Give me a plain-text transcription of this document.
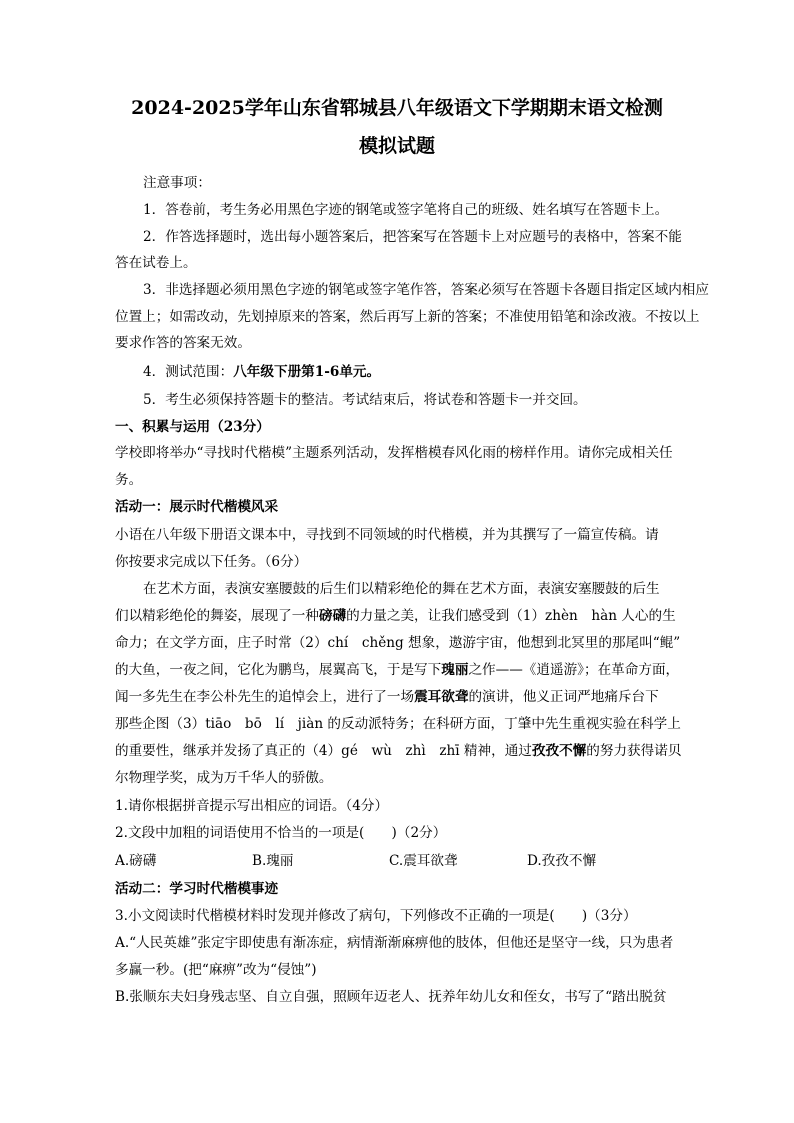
2024-2025学年山东省郓城县八年级语文下学期期末语文检测
模拟试题
注意事项：
1．答卷前，考生务必用黑色字迹的钢笔或签字笔将自己的班级、姓名填写在答题卡上。
2．作答选择题时，选出每小题答案后，把答案写在答题卡上对应题号的表格中，答案不能
答在试卷上。
3．非选择题必须用黑色字迹的钢笔或签字笔作答，答案必须写在答题卡各题目指定区域内相应
位置上；如需改动，先划掉原来的答案，然后再写上新的答案；不准使用铅笔和涂改液。不按以上
要求作答的答案无效。
4．测试范围：八年级下册第1-6单元。
5．考生必须保持答题卡的整洁。考试结束后，将试卷和答题卡一并交回。
一、积累与运用（23分）
学校即将举办“寻找时代楷模”主题系列活动，发挥楷模春风化雨的榜样作用。请你完成相关任
务。
活动一：展示时代楷模风采
小语在八年级下册语文课本中，寻找到不同领域的时代楷模，并为其撰写了一篇宣传稿。请
你按要求完成以下任务。（6分）
在艺术方面，表演安塞腰鼓的后生们以精彩绝伦的舞在艺术方面，表演安塞腰鼓的后生
们以精彩绝伦的舞姿，展现了一种磅礴的力量之美，让我们感受到（1）zhèn　hàn 人心的生
命力；在文学方面，庄子时常（2）chí　chěng 想象，遨游宇宙，他想到北冥里的那尾叫“鲲”
的大鱼，一夜之间，它化为鹏鸟，展翼高飞，于是写下瑰丽之作——《逍遥游》；在革命方面，
闻一多先生在李公朴先生的追悼会上，进行了一场震耳欲聋的演讲，他义正词严地痛斥台下
那些企图（3）tiāo　bō　lí　jiàn 的反动派特务；在科研方面，丁肇中先生重视实验在科学上
的重要性，继承并发扬了真正的（4）gé　wù　zhì　zhī 精神，通过孜孜不懈的努力获得诺贝
尔物理学奖，成为万千华人的骄傲。
1.请你根据拼音提示写出相应的词语。（4分）
2.文段中加粗的词语使用不恰当的一项是(　　)（2分）
A.磅礴	B.瑰丽	C.震耳欲聋	D.孜孜不懈
活动二：学习时代楷模事迹
3.小文阅读时代楷模材料时发现并修改了病句，下列修改不正确的一项是(　　)（3分）
A.“人民英雄”张定宇即使患有渐冻症，病情渐渐麻痹他的肢体，但他还是坚守一线，只为患者
多赢一秒。(把“麻痹”改为“侵蚀”)
B.张顺东夫妇身残志坚、自立自强，照顾年迈老人、抚养年幼儿女和侄女，书写了“踏出脱贫
